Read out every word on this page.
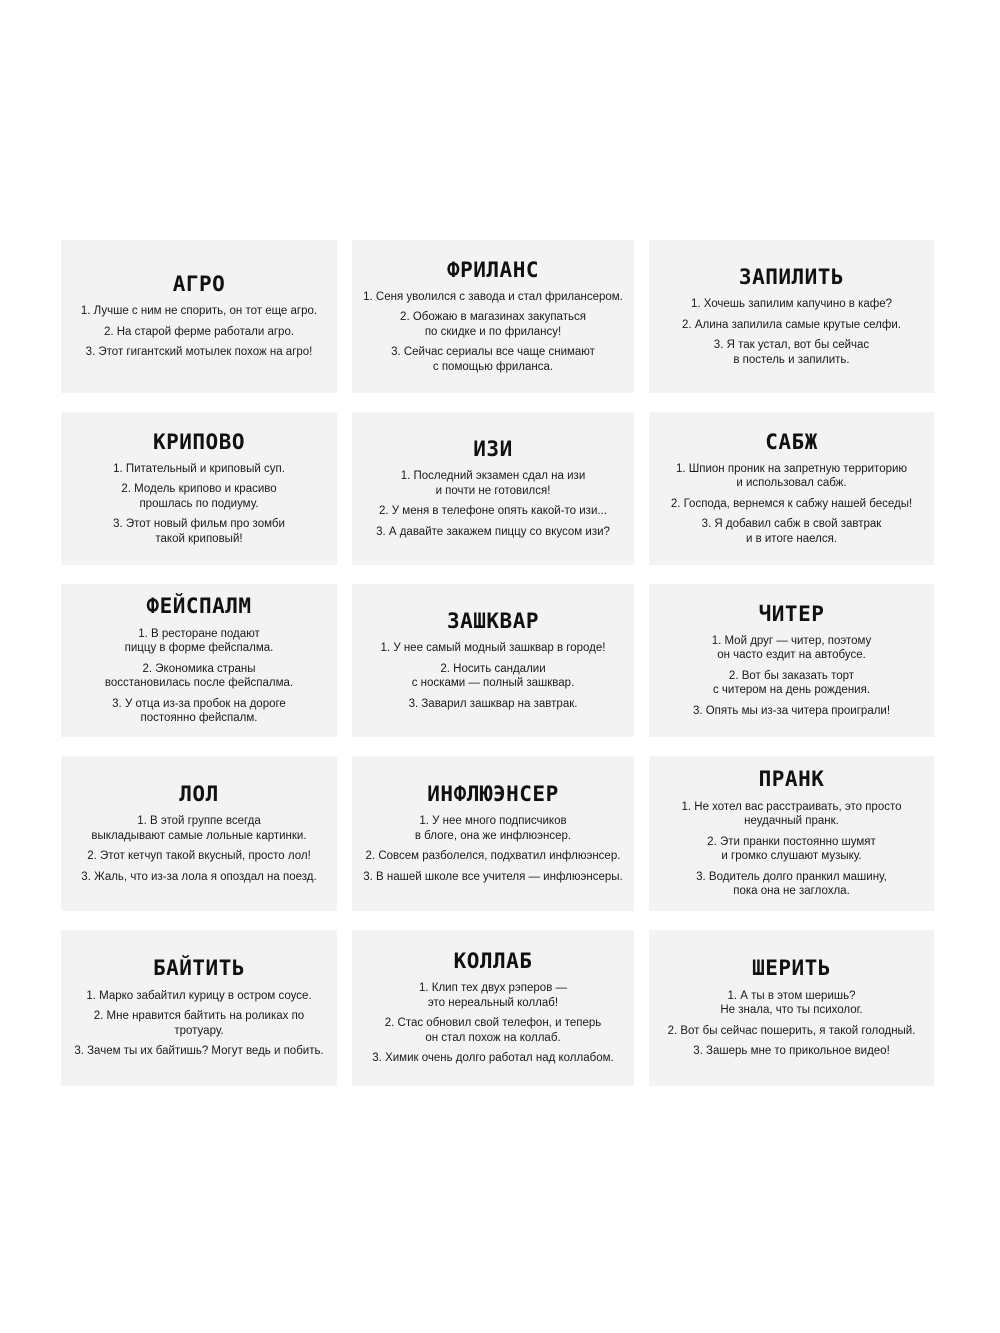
АГРО
1. Лучше с ним не спорить, он тот еще агро.
2. На старой ферме работали агро.
3. Этот гигантский мотылек похож на агро!
ФРИЛАНС
1. Сеня уволился с завода и стал фрилансером.
2. Обожаю в магазинах закупаться
по скидке и по фрилансу!
3. Сейчас сериалы все чаще снимают
с помощью фриланса.
ЗАПИЛИТЬ
1. Хочешь запилим капучино в кафе?
2. Алина запилила самые крутые селфи.
3. Я так устал, вот бы сейчас
в постель и запилить.
КРИПОВО
1. Питательный и криповый суп.
2. Модель крипово и красиво
прошлась по подиуму.
3. Этот новый фильм про зомби
такой криповый!
ИЗИ
1. Последний экзамен сдал на изи
и почти не готовился!
2. У меня в телефоне опять какой-то изи...
3. А давайте закажем пиццу со вкусом изи?
САБЖ
1. Шпион проник на запретную территорию
и использовал сабж.
2. Господа, вернемся к сабжу нашей беседы!
3. Я добавил сабж в свой завтрак
и в итоге наелся.
ФЕЙСПАЛМ
1. В ресторане подают
пиццу в форме фейспалма.
2. Экономика страны
восстановилась после фейспалма.
3. У отца из-за пробок на дороге
постоянно фейспалм.
ЗАШКВАР
1. У нее самый модный зашквар в городе!
2. Носить сандалии
с носками — полный зашквар.
3. Заварил зашквар на завтрак.
ЧИТЕР
1. Мой друг — читер, поэтому
он часто ездит на автобусе.
2. Вот бы заказать торт
с читером на день рождения.
3. Опять мы из-за читера проиграли!
ЛОЛ
1. В этой группе всегда
выкладывают самые лольные картинки.
2. Этот кетчуп такой вкусный, просто лол!
3. Жаль, что из-за лола я опоздал на поезд.
ИНФЛЮЭНСЕР
1. У нее много подписчиков
в блоге, она же инфлюэнсер.
2. Совсем разболелся, подхватил инфлюэнсер.
3. В нашей школе все учителя — инфлюэнсеры.
ПРАНК
1. Не хотел вас расстраивать, это просто
неудачный пранк.
2. Эти пранки постоянно шумят
и громко слушают музыку.
3. Водитель долго пранкил машину,
пока она не заглохла.
БАЙТИТЬ
1. Марко забайтил курицу в остром соусе.
2. Мне нравится байтить на роликах по тротуару.
3. Зачем ты их байтишь? Могут ведь и побить.
КОЛЛАБ
1. Клип тех двух рэперов —
это нереальный коллаб!
2. Стас обновил свой телефон, и теперь
он стал похож на коллаб.
3. Химик очень долго работал над коллабом.
ШЕРИТЬ
1. А ты в этом шеришь?
Не знала, что ты психолог.
2. Вот бы сейчас пошерить, я такой голодный.
3. Зашерь мне то прикольное видео!
